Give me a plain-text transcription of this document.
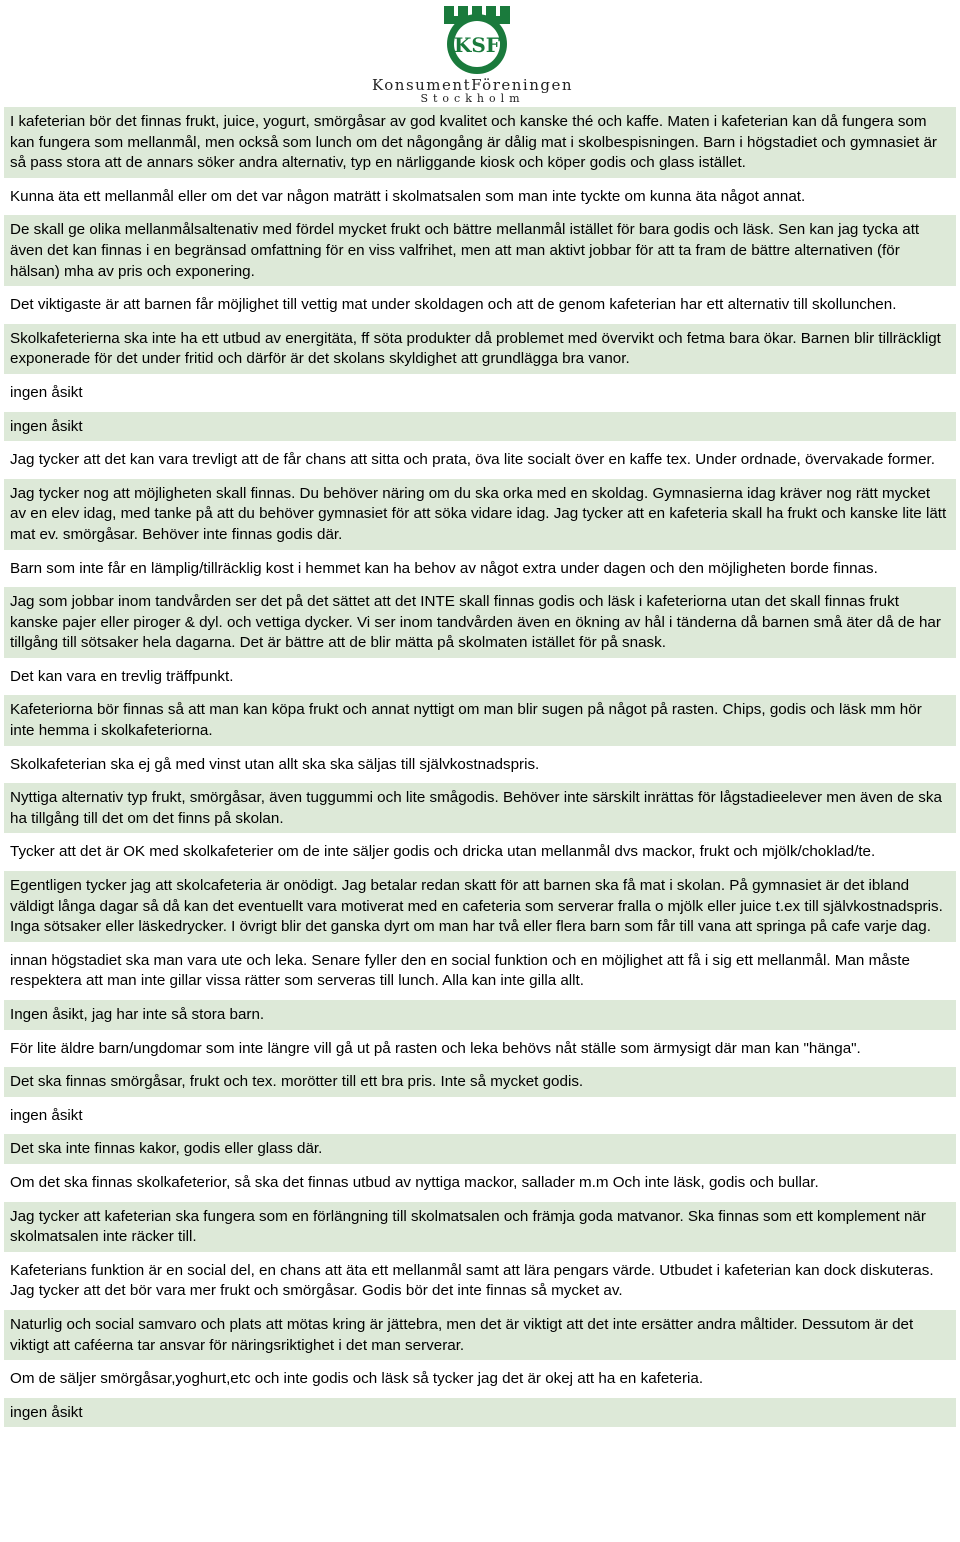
KSF
KonsumentFöreningen
Stockholm
I kafeterian bör det finnas frukt, juice, yogurt, smörgåsar av god kvalitet och kanske thé och kaffe. Maten i kafeterian kan då fungera som kan fungera som mellanmål, men också som lunch om det någongång är dålig mat i skolbespisningen. Barn i högstadiet och gymnasiet är så pass stora att de annars söker andra alternativ, typ en närliggande kiosk och köper godis och glass istället.
Kunna äta ett mellanmål eller om det var någon maträtt i skolmatsalen som man inte tyckte om kunna äta något annat.
De skall ge olika mellanmålsaltenativ med fördel mycket frukt och bättre mellanmål istället för bara godis och läsk. Sen kan jag tycka att även det kan finnas i en begränsad omfattning för en viss valfrihet, men att man aktivt jobbar för att ta fram de bättre alternativen (för hälsan) mha av pris och exponering.
Det viktigaste är att barnen får möjlighet till vettig mat under skoldagen och att de genom kafeterian har ett alternativ till skollunchen.
Skolkafeterierna ska inte ha ett utbud av energitäta, ff söta produkter då problemet med övervikt och fetma bara ökar. Barnen blir tillräckligt exponerade för det under fritid och därför är det skolans skyldighet att grundlägga bra vanor.
ingen åsikt
ingen åsikt
Jag tycker att det kan vara trevligt att de får chans att sitta och prata, öva lite socialt över en kaffe tex. Under ordnade, övervakade former.
Jag tycker nog att möjligheten skall finnas. Du behöver näring om du ska orka med en skoldag. Gymnasierna idag kräver nog rätt mycket av en elev idag, med tanke på att du behöver gymnasiet för att söka vidare idag. Jag tycker att en kafeteria skall ha frukt och kanske lite lätt mat ev. smörgåsar. Behöver inte finnas godis där.
Barn som inte får en lämplig/tillräcklig kost i hemmet kan ha behov av något extra under dagen och den möjligheten borde finnas.
Jag som jobbar inom tandvården ser det på det sättet att det INTE skall finnas godis och läsk i kafeteriorna utan det skall finnas frukt kanske pajer eller piroger & dyl. och vettiga dycker. Vi ser inom tandvården även en ökning av hål i tänderna då barnen små äter då de har tillgång till sötsaker hela dagarna. Det är bättre att de blir mätta på skolmaten istället för på snask.
Det kan vara en trevlig träffpunkt.
Kafeteriorna bör finnas så att man kan köpa frukt och annat nyttigt om man blir sugen på något på rasten. Chips, godis och läsk mm hör inte hemma i skolkafeteriorna.
Skolkafeterian ska ej gå med vinst utan allt ska ska säljas till självkostnadspris.
Nyttiga alternativ typ frukt, smörgåsar, även tuggummi och lite smågodis. Behöver inte särskilt inrättas för lågstadieelever men även de ska ha tillgång till det om det finns på skolan.
Tycker att det är OK med skolkafeterier om de inte säljer godis och dricka utan mellanmål dvs mackor, frukt och mjölk/choklad/te.
Egentligen tycker jag att skolcafeteria är onödigt. Jag betalar redan skatt för att barnen ska få mat i skolan. På gymnasiet är det ibland väldigt långa dagar så då kan det eventuellt vara motiverat med en cafeteria som serverar fralla o mjölk eller juice t.ex till självkostnadspris. Inga sötsaker eller läskedrycker. I övrigt blir det ganska dyrt om man har två eller flera barn som får till vana att springa på cafe varje dag.
innan högstadiet ska man vara ute och leka. Senare fyller den en social funktion och en möjlighet att få i sig ett mellanmål. Man måste respektera att man inte gillar vissa rätter som serveras till lunch. Alla kan inte gilla allt.
Ingen åsikt, jag har inte så stora barn.
För lite äldre barn/ungdomar som inte längre vill gå ut på rasten och leka behövs nåt ställe som ärmysigt där man kan "hänga".
Det ska finnas smörgåsar, frukt och tex. morötter till ett bra pris. Inte så mycket godis.
ingen åsikt
Det ska inte finnas kakor, godis eller glass där.
Om det ska finnas skolkafeterior, så ska det finnas utbud av nyttiga mackor, sallader m.m Och inte läsk, godis och bullar.
Jag tycker att kafeterian ska fungera som en förlängning till skolmatsalen och främja goda matvanor. Ska finnas som ett komplement när skolmatsalen inte räcker till.
Kafeterians funktion är en social del, en chans att äta ett mellanmål samt att lära pengars värde. Utbudet i kafeterian kan dock diskuteras. Jag tycker att det bör vara mer frukt och smörgåsar. Godis bör det inte finnas så mycket av.
Naturlig och social samvaro och plats att mötas kring är jättebra, men det är viktigt att det inte ersätter andra måltider. Dessutom är det viktigt att caféerna tar ansvar för näringsriktighet i det man serverar.
Om de säljer smörgåsar,yoghurt,etc och inte godis och läsk så tycker jag det är okej att ha en kafeteria.
ingen åsikt
